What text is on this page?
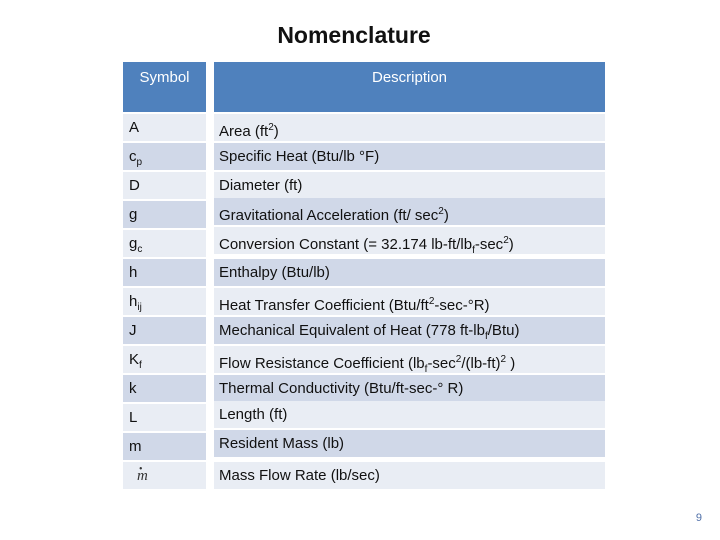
Nomenclature
Symbol	Description
A	Area $(ft^2)$
$c_p$	Specific Heat (Btu/lb °F)
D	Diameter (ft)
g	Gravitational Acceleration (ft/ $\sec^2$)
$g_c$	Conversion Constant (= 32.174 $lb-ft/lb_f-\sec^2$)
h	Enthalpy (Btu/lb)
$h_{ij}$	Heat Transfer Coefficient $(Btu/ft^2-\sec-^\circ R)$
J	Mechanical Equivalent of Heat (778 $ft-lb_f/Btu$)
$K_f$	Flow Resistance Coefficient ($lb_f-\sec^2/(lb-ft)^2$ )
k	Thermal Conductivity (Btu/ft-sec-° R)
L	Length (ft)
m	Resident Mass (lb)
• m	Mass Flow Rate (lb/sec)
9
